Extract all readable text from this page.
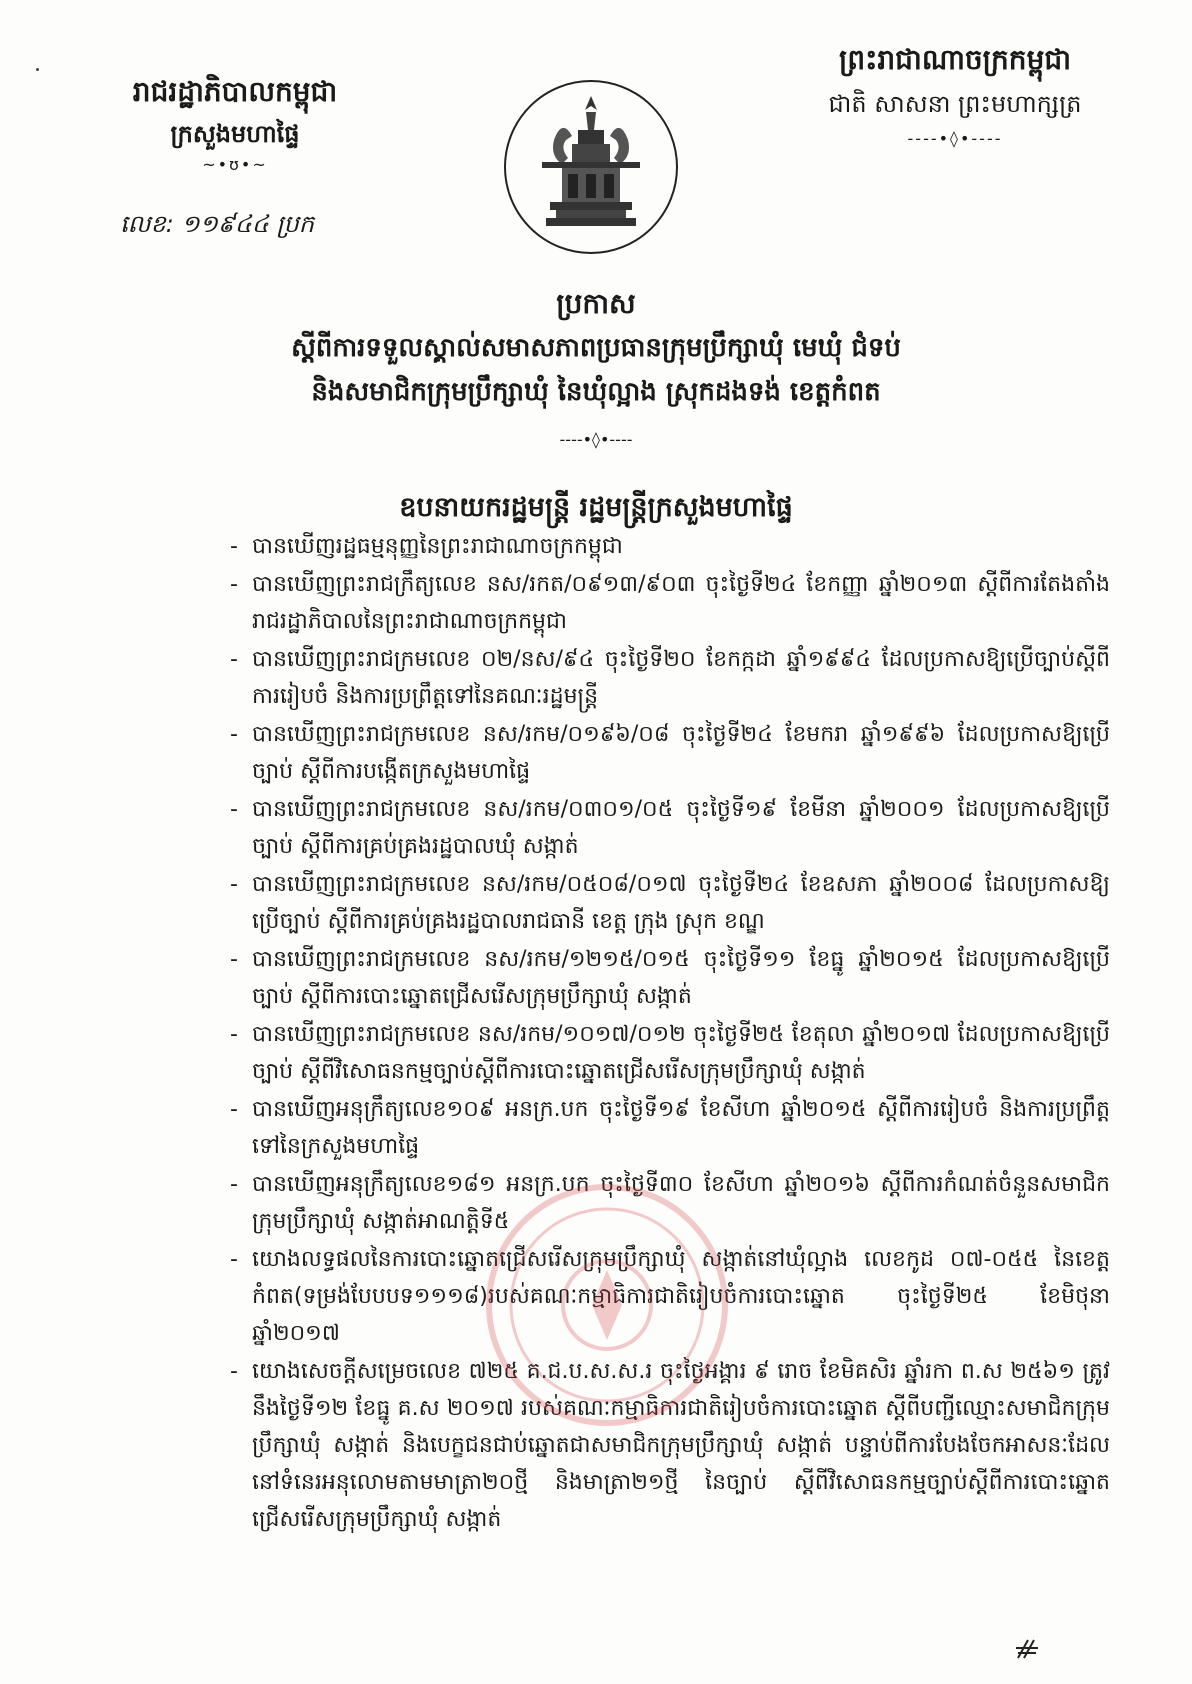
រាជរដ្ឋាភិបាលកម្ពុជា
ក្រសួងមហាផ្ទៃ
~•ʊ•~
លេខ: ១១៩៤៤ ប្រក
ព្រះរាជាណាចក្រកម្ពុជា
ជាតិ សាសនា ព្រះមហាក្សត្រ
----•◊•----
ប្រកាស
ស្តីពីការទទួលស្គាល់សមាសភាពប្រធានក្រុមប្រឹក្សាឃុំ មេឃុំ ជំទប់
និងសមាជិកក្រុមប្រឹក្សាឃុំ នៃឃុំល្អាង ស្រុកដងទង់ ខេត្តកំពត
----•◊•----
ឧបនាយករដ្ឋមន្ត្រី រដ្ឋមន្ត្រីក្រសួងមហាផ្ទៃ
- បានឃើញរដ្ឋធម្មនុញ្ញនៃព្រះរាជាណាចក្រកម្ពុជា
- បានឃើញព្រះរាជក្រឹត្យលេខ នស/រកត/០៩១៣/៩០៣ ចុះថ្ងៃទី២៤ ខែកញ្ញា ឆ្នាំ២០១៣ ស្តីពីការតែងតាំងរាជរដ្ឋាភិបាលនៃព្រះរាជាណាចក្រកម្ពុជា
- បានឃើញព្រះរាជក្រមលេខ ០២/នស/៩៤ ចុះថ្ងៃទី២០ ខែកក្កដា ឆ្នាំ១៩៩៤ ដែលប្រកាសឱ្យប្រើច្បាប់ស្តីពីការរៀបចំ និងការប្រព្រឹត្តទៅនៃគណៈរដ្ឋមន្ត្រី
- បានឃើញព្រះរាជក្រមលេខ នស/រកម/០១៩៦/០៨ ចុះថ្ងៃទី២៤ ខែមករា ឆ្នាំ១៩៩៦ ដែលប្រកាសឱ្យប្រើច្បាប់ ស្តីពីការបង្កើតក្រសួងមហាផ្ទៃ
- បានឃើញព្រះរាជក្រមលេខ នស/រកម/០៣០១/០៥ ចុះថ្ងៃទី១៩ ខែមីនា ឆ្នាំ២០០១ ដែលប្រកាសឱ្យប្រើច្បាប់ ស្តីពីការគ្រប់គ្រងរដ្ឋបាលឃុំ សង្កាត់
- បានឃើញព្រះរាជក្រមលេខ នស/រកម/០៥០៨/០១៧ ចុះថ្ងៃទី២៤ ខែឧសភា ឆ្នាំ២០០៨ ដែលប្រកាសឱ្យប្រើច្បាប់ ស្តីពីការគ្រប់គ្រងរដ្ឋបាលរាជធានី ខេត្ត ក្រុង ស្រុក ខណ្ឌ
- បានឃើញព្រះរាជក្រមលេខ នស/រកម/១២១៥/០១៥ ចុះថ្ងៃទី១១ ខែធ្នូ ឆ្នាំ២០១៥ ដែលប្រកាសឱ្យប្រើច្បាប់ ស្តីពីការបោះឆ្នោតជ្រើសរើសក្រុមប្រឹក្សាឃុំ សង្កាត់
- បានឃើញព្រះរាជក្រមលេខ នស/រកម/១០១៧/០១២ ចុះថ្ងៃទី២៥ ខែតុលា ឆ្នាំ២០១៧ ដែលប្រកាសឱ្យប្រើច្បាប់ ស្តីពីវិសោធនកម្មច្បាប់ស្តីពីការបោះឆ្នោតជ្រើសរើសក្រុមប្រឹក្សាឃុំ សង្កាត់
- បានឃើញអនុក្រឹត្យលេខ១០៩ អនក្រ.បក ចុះថ្ងៃទី១៩ ខែសីហា ឆ្នាំ២០១៥ ស្តីពីការរៀបចំ និងការប្រព្រឹត្តទៅនៃក្រសួងមហាផ្ទៃ
- បានឃើញអនុក្រឹត្យលេខ១៨១ អនក្រ.បក ចុះថ្ងៃទី៣០ ខែសីហា ឆ្នាំ២០១៦ ស្តីពីការកំណត់ចំនួនសមាជិកក្រុមប្រឹក្សាឃុំ សង្កាត់អាណត្តិទី៥
- យោងលទ្ធផលនៃការបោះឆ្នោតជ្រើសរើសក្រុមប្រឹក្សាឃុំ សង្កាត់នៅឃុំល្អាង លេខកូដ ០៧-០៥៥ នៃខេត្តកំពត(ទម្រង់បែបបទ១១១៨)របស់គណៈកម្មាធិការជាតិរៀបចំការបោះឆ្នោត ចុះថ្ងៃទី២៥ ខែមិថុនា ឆ្នាំ២០១៧
- យោងសេចក្តីសម្រេចលេខ ៧២៥ គ.ជ.ប.ស.ស.រ ចុះថ្ងៃអង្គារ ៩ រោច ខែមិគសិរ ឆ្នាំរកា ព.ស ២៥៦១ ត្រូវនឹងថ្ងៃទី១២ ខែធ្នូ គ.ស ២០១៧ របស់គណៈកម្មាធិការជាតិរៀបចំការបោះឆ្នោត ស្តីពីបញ្ជីឈ្មោះសមាជិកក្រុមប្រឹក្សាឃុំ សង្កាត់ និងបេក្ខជនជាប់ឆ្នោតជាសមាជិកក្រុមប្រឹក្សាឃុំ សង្កាត់ បន្ទាប់ពីការបែងចែកអាសនៈដែលនៅទំនេរអនុលោមតាមមាត្រា២០ថ្មី និងមាត្រា២១ថ្មី នៃច្បាប់ ស្តីពីវិសោធនកម្មច្បាប់ស្តីពីការបោះឆ្នោតជ្រើសរើសក្រុមប្រឹក្សាឃុំ សង្កាត់
